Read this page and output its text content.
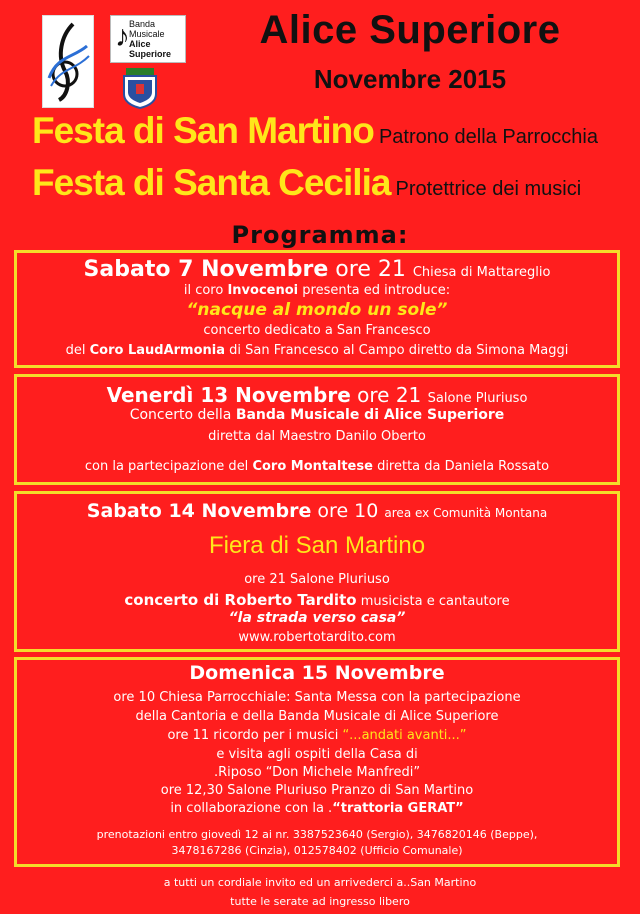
♪ Banda
Musicale
Alice
Superiore
Alice Superiore
Novembre 2015
Festa di San Martino Patrono della Parrocchia
Festa di Santa Cecilia Protettrice dei musici
Programma:
Sabato 7 Novembre ore 21 Chiesa di Mattareglio
il coro Invocenoi presenta ed introduce:
“nacque al mondo un sole”
concerto dedicato a San Francesco
del Coro LaudArmonia di San Francesco al Campo diretto da Simona Maggi
Venerdì 13 Novembre ore 21 Salone Pluriuso
Concerto della Banda Musicale di Alice Superiore
diretta dal Maestro Danilo Oberto
con la partecipazione del Coro Montaltese diretta da Daniela Rossato
Sabato 14 Novembre ore 10 area ex Comunità Montana
Fiera di San Martino
ore 21 Salone Pluriuso
concerto di Roberto Tardito musicista e cantautore
“la strada verso casa”
www.robertotardito.com
Domenica 15 Novembre
ore 10 Chiesa Parrocchiale: Santa Messa con la partecipazione
della Cantoria e della Banda Musicale di Alice Superiore
ore 11 ricordo per i musici “...andati avanti...”
e visita agli ospiti della Casa di
.Riposo “Don Michele Manfredi”
ore 12,30 Salone Pluriuso Pranzo di San Martino
in collaborazione con la .“trattoria GERAT”
prenotazioni entro giovedì 12 ai nr. 3387523640 (Sergio), 3476820146 (Beppe),
3478167286 (Cinzia), 012578402 (Ufficio Comunale)
a tutti un cordiale invito ed un arrivederci a..San Martino
tutte le serate ad ingresso libero
